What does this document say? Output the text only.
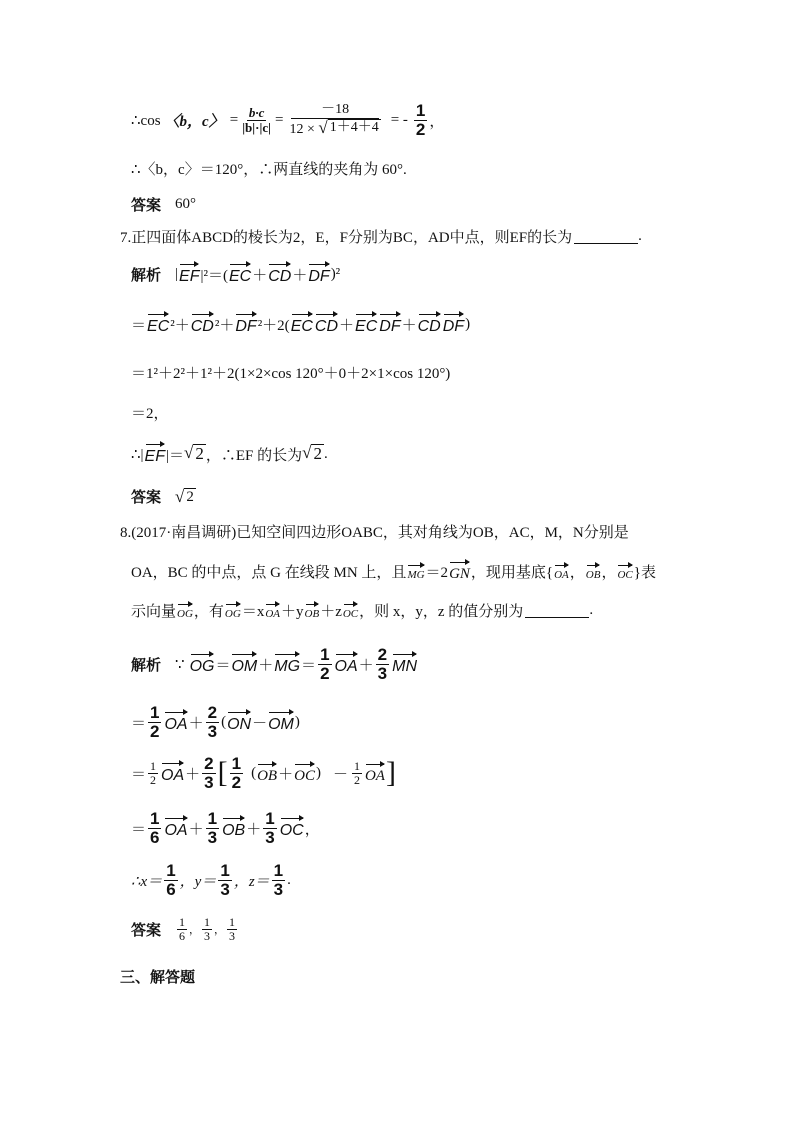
∴cos 〈b，c〉 = $\frac{b\cdot c}{|b|\cdot|c|} = \frac{-18}{12 \times √ 1+4+4}$ = - $\frac{1}{2}$ ，
∴〈b，c〉＝120°，∴两直线的夹角为 60°.
答案 60°
7.正四面体ABCD的棱长为2，E，F分别为BC，AD中点，则EF的长为	.
解析 | EF |²＝( EC ＋ CD ＋ DF )²
＝ EC ²＋ CD ²＋ DF ²＋2( EC CD ＋ EC DF ＋ CD DF )
＝1²＋2²＋1²＋2(1×2×cos 120°＋0＋2×1×cos 120°)
＝2，
∴| EF |＝ √ 2 ，∴EF 的长为 √ 2 .
答案 √ 2
8.(2017·南昌调研)已知空间四边形OABC，其对角线为OB，AC，M，N分别是
OA，BC 的中点，点 G 在线段 MN 上，且 MG ＝2 GN ，现用基底{ OA ， OB ， OC }表
示向量 OG ，有 OG ＝x OA ＋y OB ＋z OC ，则 x，y，z 的值分别为	.
解析 ∵ OG ＝ OM ＋ MG ＝ $\frac{1}{2}$ OA ＋ $\frac{2}{3}$ MN
＝ $\frac{1}{2}$ OA ＋ $\frac{2}{3}$ ( ON － OM )
＝ $\frac{1}{2}$ OA ＋ $\frac{2}{3}$ [ $\frac{1}{2}$ ( OB ＋ OC ) － $\frac{1}{2}$ OA ]
＝ $\frac{1}{6}$ OA ＋ $\frac{1}{3}$ OB ＋ $\frac{1}{3}$ OC ，
∴x＝ $\frac{1}{6}$ ，$y= \frac{1}{3}$ ，$z= \frac{1}{3}$ .
答案 $\frac{1}{6}$ ， $\frac{1}{3}$ ， $\frac{1}{3}$
三、解答题
